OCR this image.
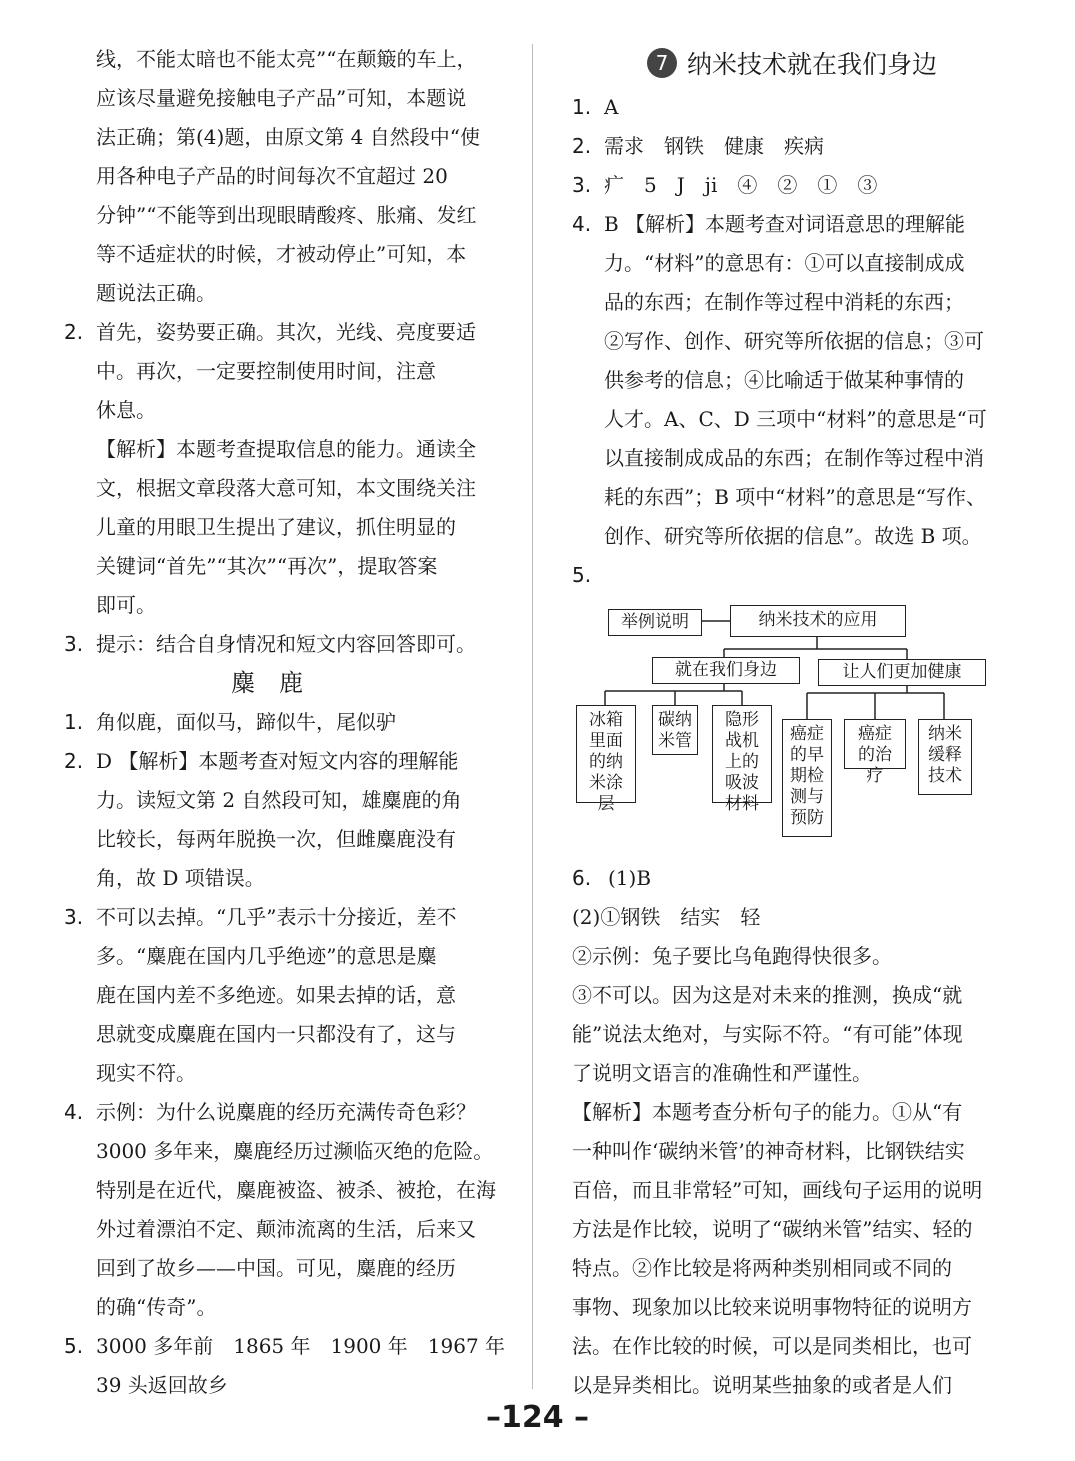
线，不能太暗也不能太亮”“在颠簸的车上，
应该尽量避免接触电子产品”可知，本题说
法正确；第(4)题，由原文第 4 自然段中“使
用各种电子产品的时间每次不宜超过 20
分钟”“不能等到出现眼睛酸疼、胀痛、发红
等不适症状的时候，才被动停止”可知，本
题说法正确。
2. 首先，姿势要正确。其次，光线、亮度要适
中。再次，一定要控制使用时间，注意
休息。
【解析】本题考查提取信息的能力。通读全
文，根据文章段落大意可知，本文围绕关注
儿童的用眼卫生提出了建议，抓住明显的
关键词“首先”“其次”“再次”，提取答案
即可。
3. 提示：结合自身情况和短文内容回答即可。
麋鹿
1. 角似鹿，面似马，蹄似牛，尾似驴
2. D 【解析】本题考查对短文内容的理解能
力。读短文第 2 自然段可知，雄麋鹿的角
比较长，每两年脱换一次，但雌麋鹿没有
角，故 D 项错误。
3. 不可以去掉。“几乎”表示十分接近，差不
多。“麋鹿在国内几乎绝迹”的意思是麋
鹿在国内差不多绝迹。如果去掉的话，意
思就变成麋鹿在国内一只都没有了，这与
现实不符。
4. 示例：为什么说麋鹿的经历充满传奇色彩？
3000 多年来，麋鹿经历过濒临灭绝的危险。
特别是在近代，麋鹿被盗、被杀、被抢，在海
外过着漂泊不定、颠沛流离的生活，后来又
回到了故乡——中国。可见，麋鹿的经历
的确“传奇”。
5. 3000 多年前　1865 年　1900 年　1967 年
39 头返回故乡
7 纳米技术就在我们身边
1. A
2. 需求　钢铁　健康　疾病
3. 疒　5　J　ji　④　②　①　③
4. B 【解析】本题考查对词语意思的理解能
力。“材料”的意思有：①可以直接制成成
品的东西；在制作等过程中消耗的东西；
②写作、创作、研究等所依据的信息；③可
供参考的信息；④比喻适于做某种事情的
人才。A、C、D 三项中“材料”的意思是“可
以直接制成成品的东西；在制作等过程中消
耗的东西”；B 项中“材料”的意思是“写作、
创作、研究等所依据的信息”。故选 B 项。
5.
举例说明	纳米技术的应用
就在我们身边	让人们更加健康
冰箱里面的纳米涂层
碳纳米管
隐形战机上的吸波材料
癌症的早期检测与预防
癌症的治疗
纳米缓释技术
6. (1)B
(2)①钢铁　结实　轻
②示例：兔子要比乌龟跑得快很多。
③不可以。因为这是对未来的推测，换成“就
能”说法太绝对，与实际不符。“有可能”体现
了说明文语言的准确性和严谨性。
【解析】本题考查分析句子的能力。①从“有
一种叫作‘碳纳米管’的神奇材料，比钢铁结实
百倍，而且非常轻”可知，画线句子运用的说明
方法是作比较，说明了“碳纳米管”结实、轻的
特点。②作比较是将两种类别相同或不同的
事物、现象加以比较来说明事物特征的说明方
法。在作比较的时候，可以是同类相比，也可
以是异类相比。说明某些抽象的或者是人们
–124 –
